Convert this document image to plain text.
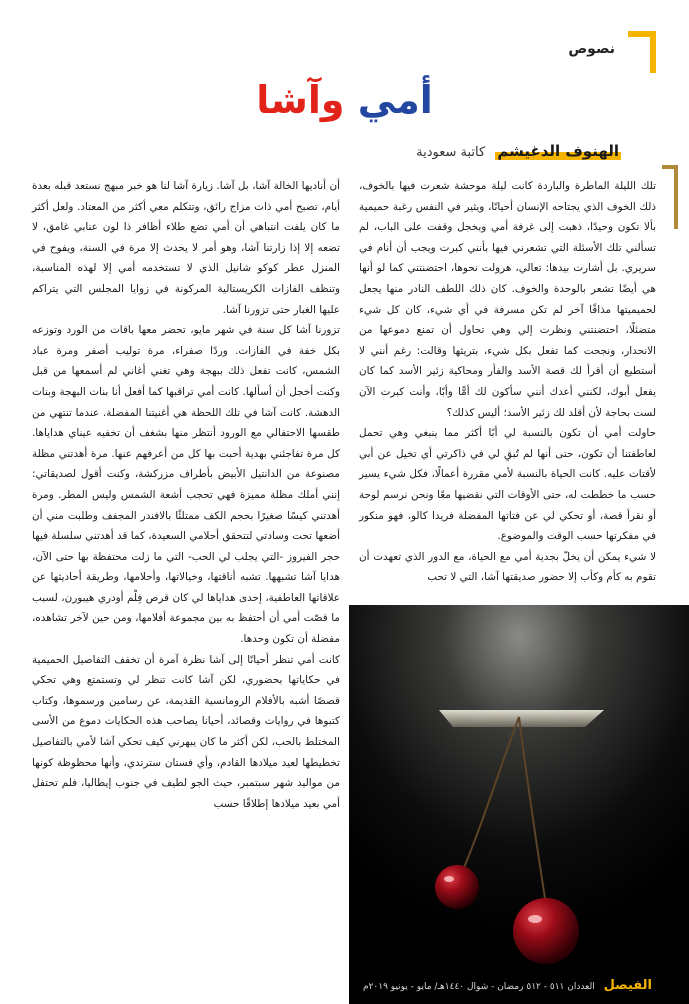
نصوص
أمي وآشا
الهنوف الدغيشم كاتبة سعودية

تلك الليلة الماطرة والباردة كانت ليلة موحشة شعرت فيها بالخوف، ذلك الخوف الذي يجتاحه الإنسان أحيانًا، ويثير في النفس رغبة حميمية بألا تكون وحيدًا، ذهبت إلى غرفة أمي وبخجل وقفت على الباب، لم تسألني تلك الأسئلة التي تشعرني فيها بأنني كبرت ويجب أن أنام في سريري. بل أشارت بيدها: تعالي، هرولت نحوها، احتضنتني كما لو أنها هي أيضًا تشعر بالوحدة والخوف. كان ذلك اللطف النادر منها يجعل لحميميتها مذاقًا آخر لم تكن مسرفة في أي شيء، كان كل شيء متضئلًا، احتضنتني ونظرت إلي وهي تحاول أن تمنع دموعها من الانحدار، ونجحت كما تفعل بكل شيء، بتريثها وقالت: رغم أنني لا أستطيع أن أقرأ لك قصة الأسد والفأر ومحاكية زئير الأسد كما كان يفعل أبوك، لكنني أعدك أنني سأكون لك أمًّا وأبًا، وأنت كبرت الآن لست بحاجة لأن أقلد لك زئير الأسد؛ أليس كذلك؟

حاولت أمي أن تكون بالنسبة لي أبًا أكثر مما ينبغي وهي تحمل لعاطفتنا أن تكون، حتى أنها لم تُبقِ لي في ذاكرتي أي تخيل عن أبي لأقتات عليه. كانت الحياة بالنسبة لأمي مقررة أعمالًا، فكل شيء يسير حسب ما خططت له، حتى الأوقات التي نقضيها معًا ونحن نرسم لوحة أو نقرأ قصة، أو تحكي لي عن فتاتها المفضلة فريدا كالو، فهو منكور في مفكرتها حسب الوقت والموضوع.

لا شيء يمكن أن يخلّ بجدية أمي مع الحياة، مع الدور الذي تعهدت أن تقوم به كأم وكأب إلا حضور صديقتها آشا، التي لا تحب

أن أناديها الخالة آشا، بل آشا. زيارة آشا لنا هو خبر مبهج نستعد قبله بعدة أيام، تصبح أمي ذات مزاج رائق، وتتكلم معي أكثر من المعتاد. ولعل أكثر ما كان يلفت انتباهي أن أمي تضع طلاء أظافر ذا لون عنابي غامق، لا تضعه إلا إذا زارتنا آشا، وهو أمر لا يحدث إلا مرة في السنة، ويفوح في المنزل عطر كوكو شانيل الذي لا تستخدمه أمي إلا لهذه المناسبة، وتنظف الفازات الكريستالية المركونة في زوايا المجلس التي يتراكم عليها الغبار حتى تزورنا آشا.

تزورنا آشا كل سنة في شهر مايو، تحضر معها باقات من الورد وتوزعه بكل خفة في الفازات. وردًا صفراء، مرة توليب أصفر ومرة عباد الشمس، كانت تفعل ذلك ببهجة وهي تغني أغاني لم أسمعها من قبل وكنت أخجل أن أسألها. كانت أمي تراقبها كما أفعل أنا بنات البهجة وبنات الدهشة. كانت آشا في تلك اللحظة هي أغنيتنا المفضلة. عندما تنتهي من طقسها الاحتفالي مع الورود أنتظر منها بشغف أن تخفيه عيناي هداياها. كل مرة تفاجئني بهدية أحبت بها كل من أعرفهم عنها. مرة أهدتني مظلة مصنوعة من الدانتيل الأبيض بأطراف مزركشة، وكنت أقول لصديقاتي: إنني أملك مظلة مميزة فهي تحجب أشعة الشمس وليس المطر. ومرة أهدتني كيسًا صغيرًا بحجم الكف ممتلئًا بالافندر المجفف وطلبت مني أن أضعها تحت وسادتي لتتحقق أحلامي السعيدة، كما قد أهدتني سلسلة فيها حجر الفيروز -التي يجلب لي الحب- التي ما زلت محتفظة بها حتى الآن، هدايا آشا تشبهها. تشبه أناقتها، وخيالاتها، وأحلامها، وطريقة أحاديثها عن علاقاتها العاطفية، إحدى هداياها لي كان قرص فِلْم أودري هيبورن، لسبب ما قصّت أمي أن أحتفظ به بين مجموعة أفلامها، ومن حين لآخر تشاهده، مفضلة أن تكون وحدها.

كانت أمي تنظر أحيانًا إلى آشا نظرة آمرة أن تخفف التفاصيل الحميمية في حكاياتها بحضوري، لكن آشا كانت تنظر لي وتستمتع وهي تحكي قصصًا أشبه بالأفلام الرومانسية القديمة، عن رسامين ورسموها، وكتاب كتبوها في روايات وقصائد، أحيانا يصاحب هذه الحكايات دموع من الأسى المختلط بالحب، لكن أكثر ما كان يبهرني كيف تحكي آشا لأمي بالتفاصيل تخطيطها لعيد ميلادها القادم، وأي فستان سترتدي، وأنها محظوظة كونها من مواليد شهر سبتمبر، حيث الجو لطيف في جنوب إيطاليا، فلم تحتفل أمي بعيد ميلادها إطلاقًا حسب

الفيصل العددان ٥١١ - ٥١٢ رمضان - شوال ١٤٤٠هـ/ مايو - يونيو ٢٠١٩م
